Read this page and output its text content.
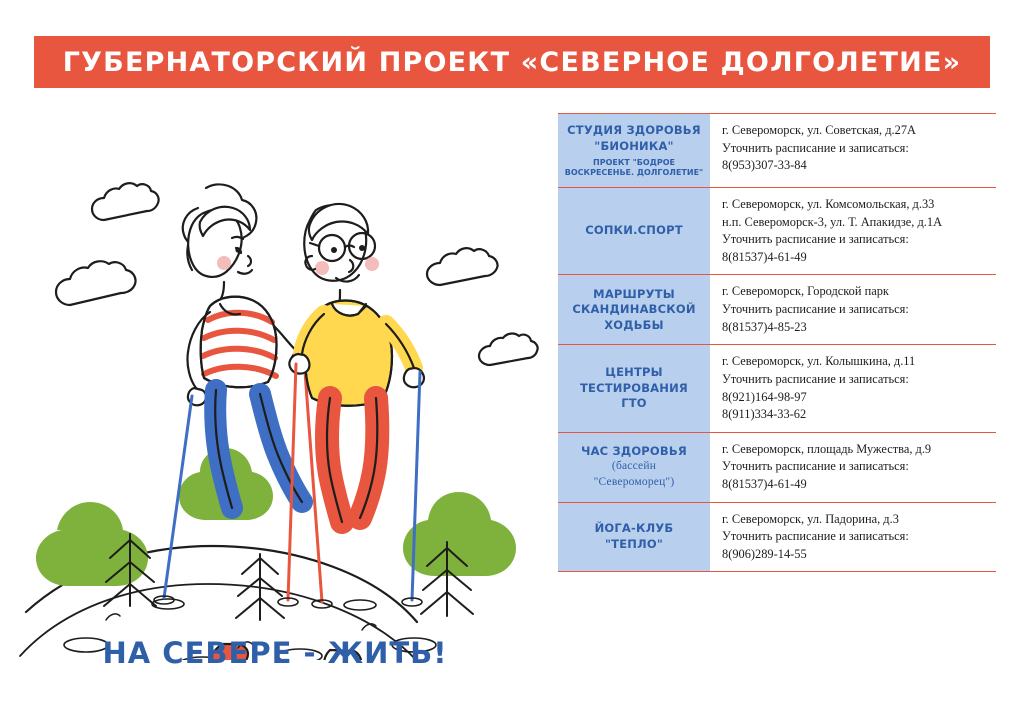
ГУБЕРНАТОРСКИЙ ПРОЕКТ «СЕВЕРНОЕ ДОЛГОЛЕТИЕ»
НА СЕВЕРЕ - ЖИТЬ!
СТУДИЯ ЗДОРОВЬЯ
"БИОНИКА"
ПРОЕКТ "БОДРОЕ ВОСКРЕСЕНЬЕ. ДОЛГОЛЕТИЕ"
г. Североморск, ул. Советская, д.27А
Уточнить расписание и записаться:
8(953)307-33-84
СОПКИ.СПОРТ
г. Североморск, ул. Комсомольская, д.33
н.п. Североморск-3, ул. Т. Апакидзе, д.1А
Уточнить расписание и записаться:
8(81537)4-61-49
МАРШРУТЫ
СКАНДИНАВСКОЙ
ХОДЬБЫ
г. Североморск, Городской парк
Уточнить расписание и записаться:
8(81537)4-85-23
ЦЕНТРЫ
ТЕСТИРОВАНИЯ
ГТО
г. Североморск, ул. Колышкина, д.11
Уточнить расписание и записаться:
8(921)164-98-97
8(911)334-33-62
ЧАС ЗДОРОВЬЯ
(бассейн
"Североморец")
г. Североморск, площадь Мужества, д.9
Уточнить расписание и записаться:
8(81537)4-61-49
ЙОГА-КЛУБ
"ТЕПЛО"
г. Североморск, ул. Падорина, д.3
Уточнить расписание и записаться:
8(906)289-14-55
